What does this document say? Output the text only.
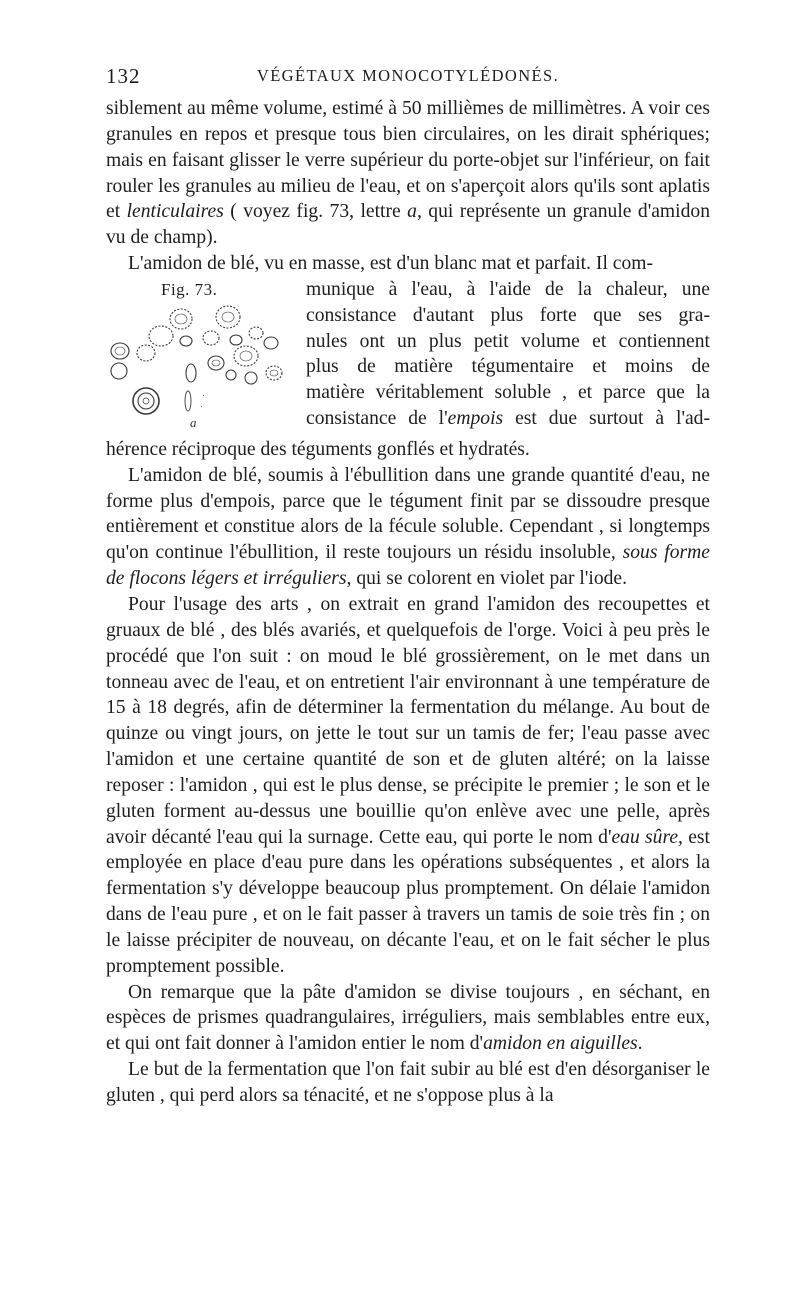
132	VÉGÉTAUX MONOCOTYLÉDONÉS.

siblement au même volume, estimé à 50 millièmes de millimètres. A voir ces granules en repos et presque tous bien circulaires, on les dirait sphériques; mais en faisant glisser le verre supérieur du porte-objet sur l'inférieur, on fait rouler les granules au milieu de l'eau, et on s'aperçoit alors qu'ils sont aplatis et lenticulaires ( voyez fig. 73, lettre a, qui représente un granule d'amidon vu de champ).

L'amidon de blé, vu en masse, est d'un blanc mat et parfait. Il com-

Fig. 73.
a
munique à l'eau, à l'aide de la chaleur, une
consistance d'autant plus forte que ses gra-
nules ont un plus petit volume et contiennent
plus de matière tégumentaire et moins de
matière véritablement soluble , et parce que la
consistance de l'empois est due surtout à l'ad-

hérence réciproque des téguments gonflés et hydratés.

L'amidon de blé, soumis à l'ébullition dans une grande quantité d'eau, ne forme plus d'empois, parce que le tégument finit par se dissoudre presque entièrement et constitue alors de la fécule soluble. Cependant , si longtemps qu'on continue l'ébullition, il reste toujours un résidu insoluble, sous forme de flocons légers et irréguliers, qui se colorent en violet par l'iode.

Pour l'usage des arts , on extrait en grand l'amidon des recoupettes et gruaux de blé , des blés avariés, et quelquefois de l'orge. Voici à peu près le procédé que l'on suit : on moud le blé grossièrement, on le met dans un tonneau avec de l'eau, et on entretient l'air environnant à une température de 15 à 18 degrés, afin de déterminer la fermentation du mélange. Au bout de quinze ou vingt jours, on jette le tout sur un tamis de fer; l'eau passe avec l'amidon et une certaine quantité de son et de gluten altéré; on la laisse reposer : l'amidon , qui est le plus dense, se précipite le premier ; le son et le gluten forment au-dessus une bouillie qu'on enlève avec une pelle, après avoir décanté l'eau qui la surnage. Cette eau, qui porte le nom d'eau sûre, est employée en place d'eau pure dans les opérations subséquentes , et alors la fermentation s'y développe beaucoup plus promptement. On délaie l'amidon dans de l'eau pure , et on le fait passer à travers un tamis de soie très fin ; on le laisse précipiter de nouveau, on décante l'eau, et on le fait sécher le plus promptement possible.

On remarque que la pâte d'amidon se divise toujours , en séchant, en espèces de prismes quadrangulaires, irréguliers, mais semblables entre eux, et qui ont fait donner à l'amidon entier le nom d'amidon en aiguilles.

Le but de la fermentation que l'on fait subir au blé est d'en désorganiser le gluten , qui perd alors sa ténacité, et ne s'oppose plus à la
